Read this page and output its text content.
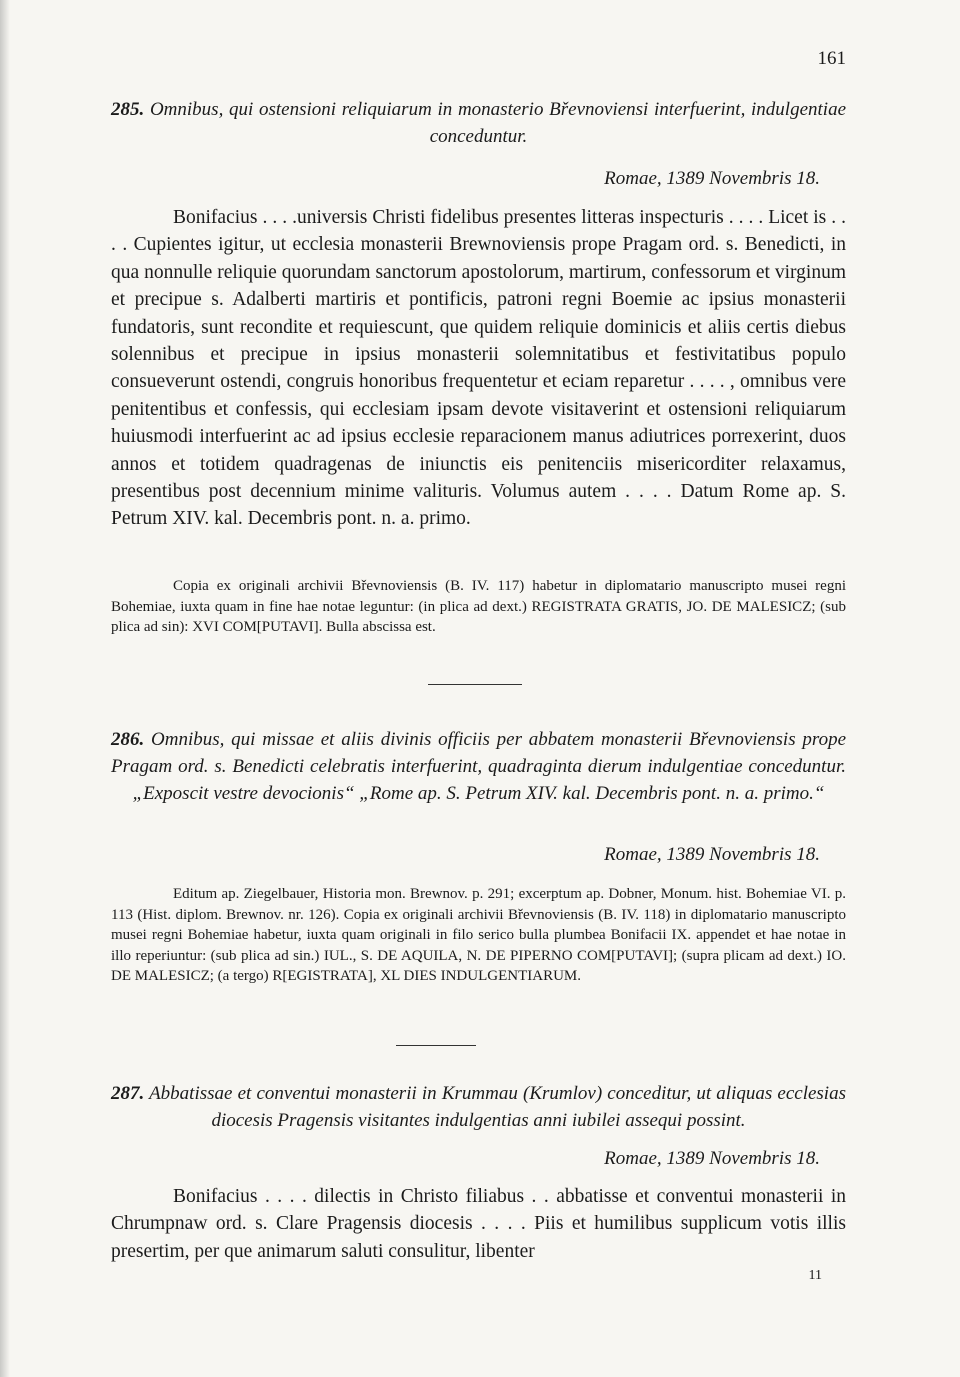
161
285. Omnibus, qui ostensioni reliquiarum in monasterio Břevnoviensi interfuerint, indulgentiae conceduntur.
Romae, 1389 Novembris 18.
Bonifacius . . . .universis Christi fidelibus presentes litteras inspecturis . . . . Licet is . . . . Cupientes igitur, ut ecclesia monasterii Brewnoviensis prope Pragam ord. s. Benedicti, in qua nonnulle reliquie quorundam sanctorum apostolorum, martirum, confessorum et virginum et precipue s. Adalberti martiris et pontificis, patroni regni Boemie ac ipsius monasterii fundatoris, sunt recondite et requiescunt, que quidem reliquie dominicis et aliis certis diebus solennibus et precipue in ipsius monasterii solemnitatibus et festivitatibus populo consueverunt ostendi, congruis honoribus frequentetur et eciam reparetur . . . . , omnibus vere penitentibus et confessis, qui ecclesiam ipsam devote visitaverint et ostensioni reliquiarum huiusmodi interfuerint ac ad ipsius ecclesie reparacionem manus adiutrices porrexerint, duos annos et totidem quadragenas de iniunctis eis penitenciis misericorditer relaxamus, presentibus post decennium minime valituris. Volumus autem . . . . Datum Rome ap. S. Petrum XIV. kal. Decembris pont. n. a. primo.
Copia ex originali archivii Břevnoviensis (B. IV. 117) habetur in diplomatario manuscripto musei regni Bohemiae, iuxta quam in fine hae notae leguntur: (in plica ad dext.) REGISTRATA GRATIS, JO. DE MALESICZ; (sub plica ad sin): XVI COM[PUTAVI]. Bulla abscissa est.
286. Omnibus, qui missae et aliis divinis officiis per abbatem monasterii Břevnoviensis prope Pragam ord. s. Benedicti celebratis interfuerint, quadraginta dierum indulgentiae conceduntur. „Exposcit vestre devocionis“ „Rome ap. S. Petrum XIV. kal. Decembris pont. n. a. primo.“
Romae, 1389 Novembris 18.
Editum ap. Ziegelbauer, Historia mon. Brewnov. p. 291; excerptum ap. Dobner, Monum. hist. Bohemiae VI. p. 113 (Hist. diplom. Brewnov. nr. 126). Copia ex originali archivii Břevnoviensis (B. IV. 118) in diplomatario manuscripto musei regni Bohemiae habetur, iuxta quam originali in filo serico bulla plumbea Bonifacii IX. appendet et hae notae in illo reperiuntur: (sub plica ad sin.) IUL., S. DE AQUILA, N. DE PIPERNO COM[PUTAVI]; (supra plicam ad dext.) IO. DE MALESICZ; (a tergo) R[EGISTRATA], XL DIES INDULGENTIARUM.
287. Abbatissae et conventui monasterii in Krummau (Krumlov) conceditur, ut aliquas ecclesias diocesis Pragensis visitantes indulgentias anni iubilei assequi possint.
Romae, 1389 Novembris 18.
Bonifacius . . . . dilectis in Christo filiabus . . abbatisse et conventui monasterii in Chrumpnaw ord. s. Clare Pragensis diocesis . . . . Piis et humilibus supplicum votis illis presertim, per que animarum saluti consulitur, libenter
11
